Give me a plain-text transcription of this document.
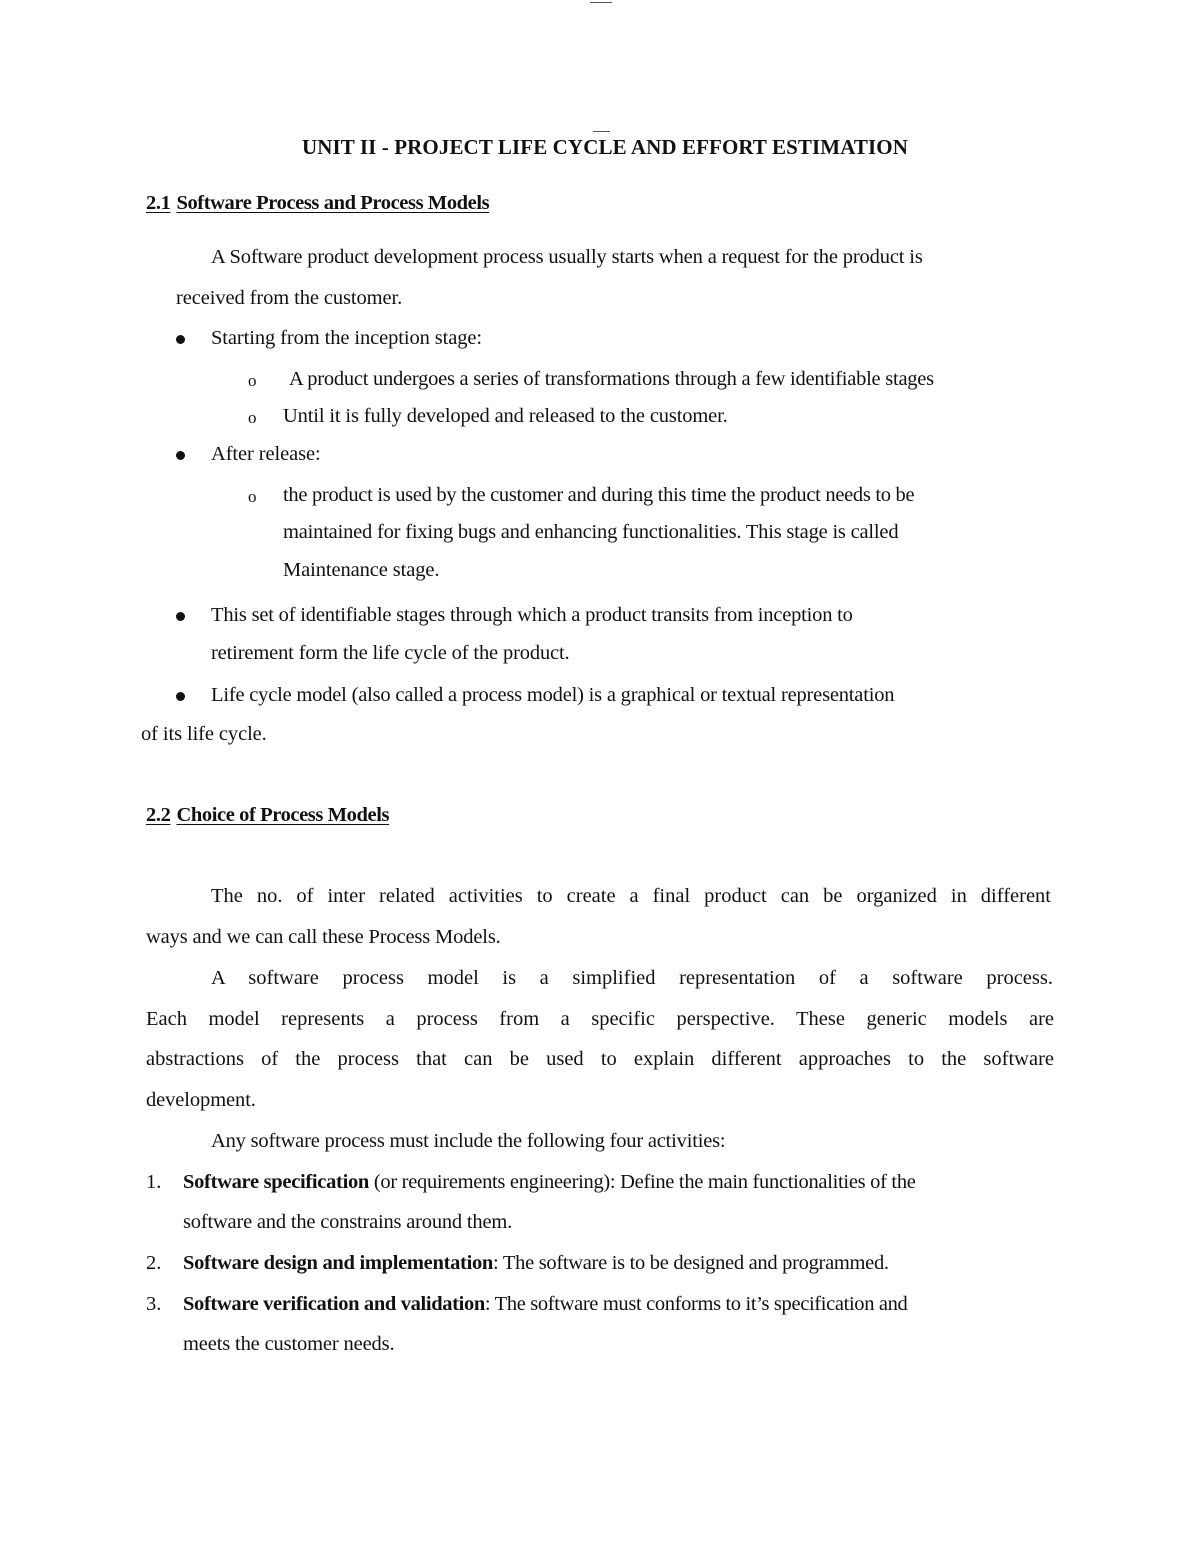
UNIT II - PROJECT LIFE CYCLE AND EFFORT ESTIMATION
2.1 Software Process and Process Models
A Software product development process usually starts when a request for the product is
received from the customer.
Starting from the inception stage:
o A product undergoes a series of transformations through a few identifiable stages
o Until it is fully developed and released to the customer.
After release:
o the product is used by the customer and during this time the product needs to be
maintained for fixing bugs and enhancing functionalities. This stage is called
Maintenance stage.
This set of identifiable stages through which a product transits from inception to
retirement form the life cycle of the product.
Life cycle model (also called a process model) is a graphical or textual representation
of its life cycle.
2.2 Choice of Process Models
The no. of inter related activities to create a final product can be organized in different
ways and we can call these Process Models.
A software process model is a simplified representation of a software process.
Each model represents a process from a specific perspective. These generic models are
abstractions of the process that can be used to explain different approaches to the software
development.
Any software process must include the following four activities:
1. Software specification (or requirements engineering): Define the main functionalities of the
software and the constrains around them.
2. Software design and implementation: The software is to be designed and programmed.
3. Software verification and validation: The software must conforms to it’s specification and
meets the customer needs.
